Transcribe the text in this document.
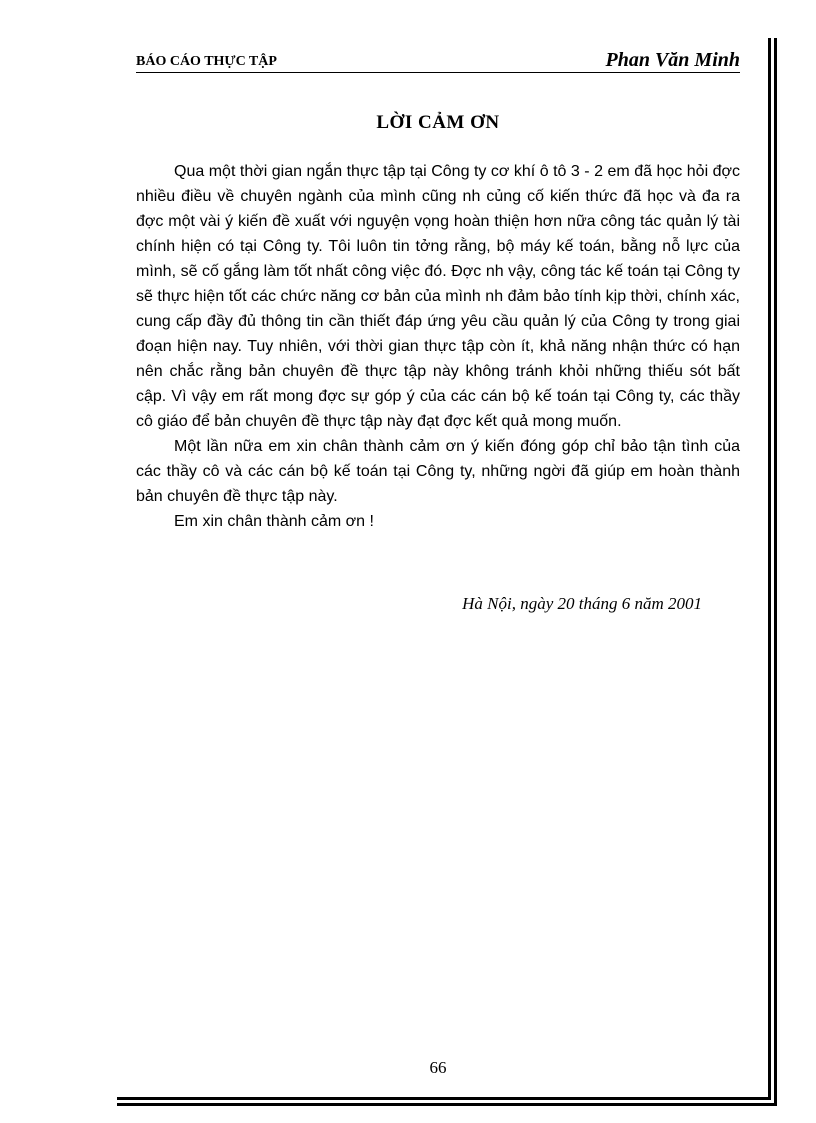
BÁO CÁO THỰC TẬP	Phan Văn Minh
LỜI CẢM ƠN

Qua một thời gian ngắn thực tập tại Công ty cơ khí ô tô 3 - 2 em đã học hỏi đợc nhiều điều về chuyên ngành của mình cũng nh củng cố kiến thức đã học và đa ra đợc một vài ý kiến đề xuất với nguyện vọng hoàn thiện hơn nữa công tác quản lý tài chính hiện có tại Công ty. Tôi luôn tin tởng rằng, bộ máy kế toán, bằng nỗ lực của mình, sẽ cố gắng làm tốt nhất công việc đó. Đợc nh vậy, công tác kế toán tại Công ty sẽ thực hiện tốt các chức năng cơ bản của mình nh đảm bảo tính kịp thời, chính xác, cung cấp đầy đủ thông tin cần thiết đáp ứng yêu cầu quản lý của Công ty trong giai đoạn hiện nay. Tuy nhiên, với thời gian thực tập còn ít, khả năng nhận thức có hạn nên chắc rằng bản chuyên đề thực tập này không tránh khỏi những thiếu sót bất cập. Vì vậy em rất mong đợc sự góp ý của các cán bộ kế toán tại Công ty, các thầy cô giáo để bản chuyên đề thực tập này đạt đợc kết quả mong muốn.

Một lần nữa em xin chân thành cảm ơn ý kiến đóng góp chỉ bảo tận tình của các thầy cô và các cán bộ kế toán tại Công ty, những ngời đã giúp em hoàn thành bản chuyên đề thực tập này.

Em xin chân thành cảm ơn !

Hà Nội, ngày 20 tháng 6 năm 2001
66
